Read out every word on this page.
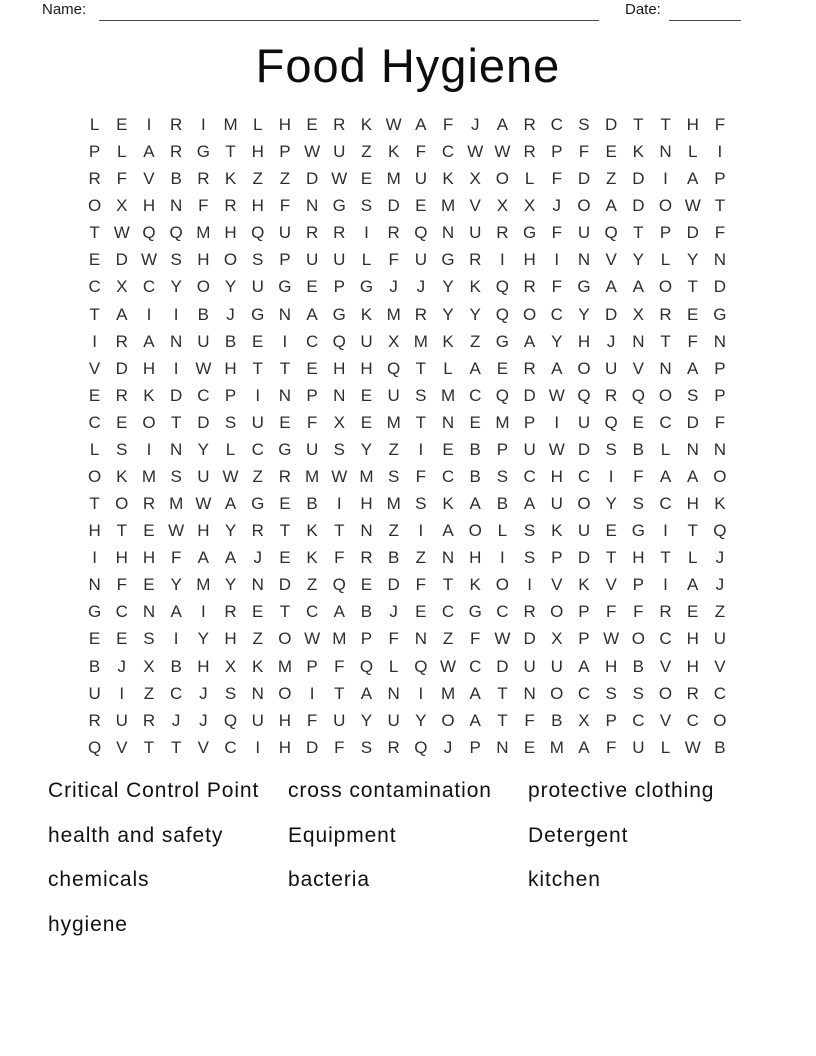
Name:	Date:
Food Hygiene
L E	I	R	I	M L H E R K W A F	J	A R C S D T T H F
P L A R G T H P W U Z K F C W W R P F E K N L	I
R F V B R K Z Z D W E M U K X O L	F D Z D	I	A P
O X H N F R H F N G S D E M V X X	J O A D O W T
T W Q Q M H Q U R R	I	R Q N U R G F U Q T P D F
E D W S H O S P U U L	F U G R	I	H	I	N V Y L Y N
C X C Y O Y U G E P G J	J	Y K Q R F G A A O T D
T A	I	I	B	J G N A G K M R Y Y Q O C Y D X R E G
I	R A N U B E	I	C Q U X M K Z G A Y H J N T F N
V D H	I W H T T E H H Q T	L A E R A O U V N A P
E R K D C P	I	N P N E U S M C Q D W Q R Q O S P
C E O T D S U E F X E M T N E M P	I	U Q E C D F
L S	I	N Y L C G U S Y Z	I	E B P U W D S B L N N
O K M S U W Z R M W M S F C B S C H C	I	F A A O
T O R M W A G E B	I	H M S K A B A U O Y S C H K
H T E W H Y R T K T N Z	I	A O L S K U E G	I	T Q
I	H H F A A	J	E K F R B Z N H	I	S P D T H T	L	J
N F E Y M Y N D Z Q E D F T K O	I	V K V P	I	A	J
G C N A	I	R E T C A B	J	E C G C R O P F F R E Z
E E S	I	Y H Z O W M P F N Z F W D X P W O C H U
B	J	X B H X K M P F Q L Q W C D U U A H B V H V
U	I	Z C J	S N O	I	T A N	I	M A T N O C S S O R C
R U R J	J Q U H F U Y U Y O A T F B X P C V C O
Q V T T V C	I	H D F S R Q J	P N E M A F U L W B
Critical Control Point
health and safety
chemicals
hygiene
cross contamination
Equipment
bacteria
protective clothing
Detergent
kitchen
